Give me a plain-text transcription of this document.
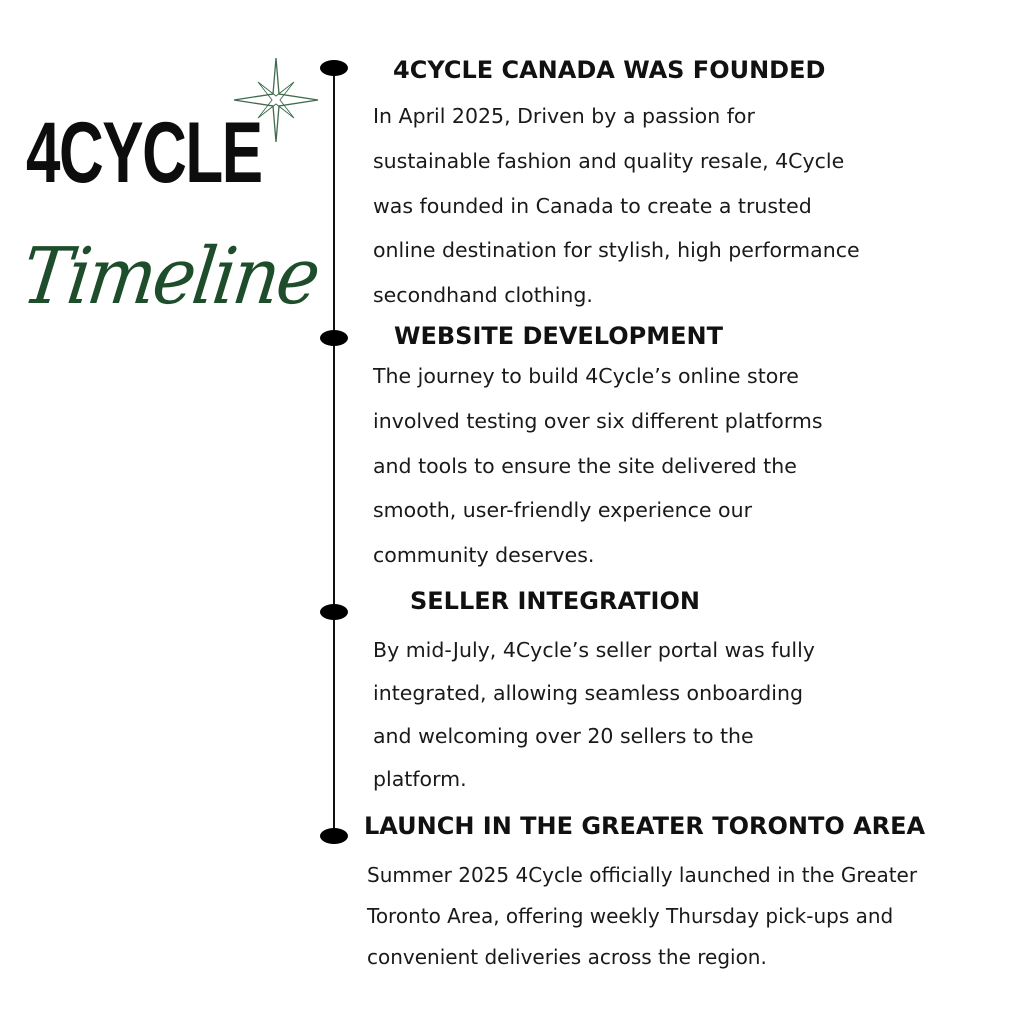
4CYCLE
Timeline
4CYCLE CANADA WAS FOUNDED
In April 2025, Driven by a passion for
sustainable fashion and quality resale, 4Cycle
was founded in Canada to create a trusted
online destination for stylish, high performance
secondhand clothing.
WEBSITE DEVELOPMENT
The journey to build 4Cycle’s online store
involved testing over six different platforms
and tools to ensure the site delivered the
smooth, user-friendly experience our
community deserves.
SELLER INTEGRATION
By mid-July, 4Cycle’s seller portal was fully
integrated, allowing seamless onboarding
and welcoming over 20 sellers to the
platform.
LAUNCH IN THE GREATER TORONTO AREA
Summer 2025 4Cycle officially launched in the Greater
Toronto Area, offering weekly Thursday pick-ups and
convenient deliveries across the region.
